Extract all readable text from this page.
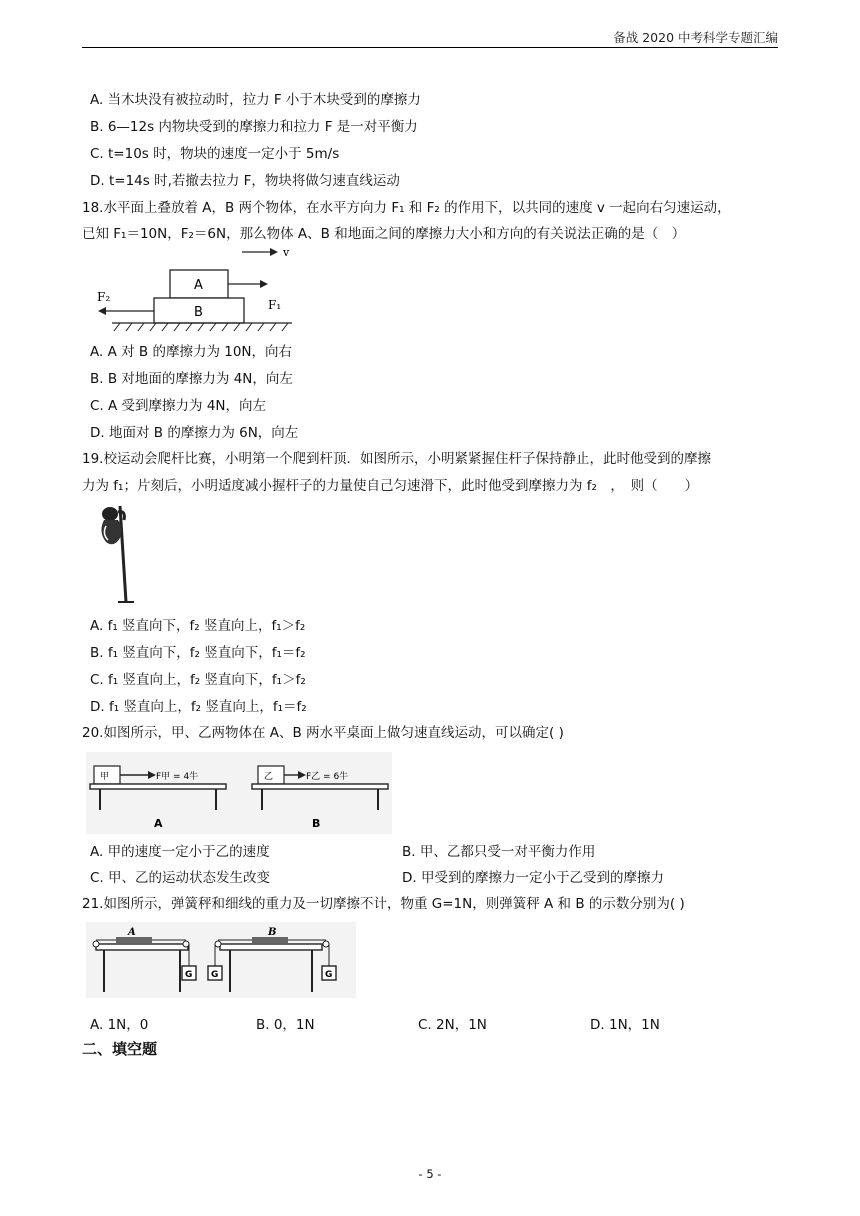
备战 2020 中考科学专题汇编
A. 当木块没有被拉动时，拉力 F 小于木块受到的摩擦力
B. 6—12s 内物块受到的摩擦力和拉力 F 是一对平衡力
C. t=10s 时，物块的速度一定小于 5m/s
D. t=14s 时,若撤去拉力 F，物块将做匀速直线运动
18.水平面上叠放着 A，B 两个物体，在水平方向力 F₁ 和 F₂ 的作用下，以共同的速度 v 一起向右匀速运动，
已知 F₁＝10N，F₂＝6N，那么物体 A、B 和地面之间的摩擦力大小和方向的有关说法正确的是（　）
v
A
B	F₁
F₂
A. A 对 B 的摩擦力为 10N，向右
B. B 对地面的摩擦力为 4N，向左
C. A 受到摩擦力为 4N，向左
D. 地面对 B 的摩擦力为 6N，向左
19.校运动会爬杆比赛，小明第一个爬到杆顶．如图所示，小明紧紧握住杆子保持静止，此时他受到的摩擦
力为 f₁；片刻后，小明适度减小握杆子的力量使自己匀速滑下，此时他受到摩擦力为 f₂　，　则（　　）
A. f₁ 竖直向下，f₂ 竖直向上，f₁＞f₂
B. f₁ 竖直向下，f₂ 竖直向下，f₁＝f₂
C. f₁ 竖直向上，f₂ 竖直向下，f₁＞f₂
D. f₁ 竖直向上，f₂ 竖直向上，f₁＝f₂
20.如图所示，甲、乙两物体在 A、B 两水平桌面上做匀速直线运动，可以确定( )
甲	F甲 = 4牛
A
乙	F乙 = 6牛
B
A. 甲的速度一定小于乙的速度	B. 甲、乙都只受一对平衡力作用
C. 甲、乙的运动状态发生改变	D. 甲受到的摩擦力一定小于乙受到的摩擦力
21.如图所示，弹簧秤和细线的重力及一切摩擦不计，物重 G=1N，则弹簧秤 A 和 B 的示数分别为( )
A
G
B
G	G
A. 1N，0	B. 0，1N	C. 2N，1N	D. 1N，1N
二、填空题
- 5 -
